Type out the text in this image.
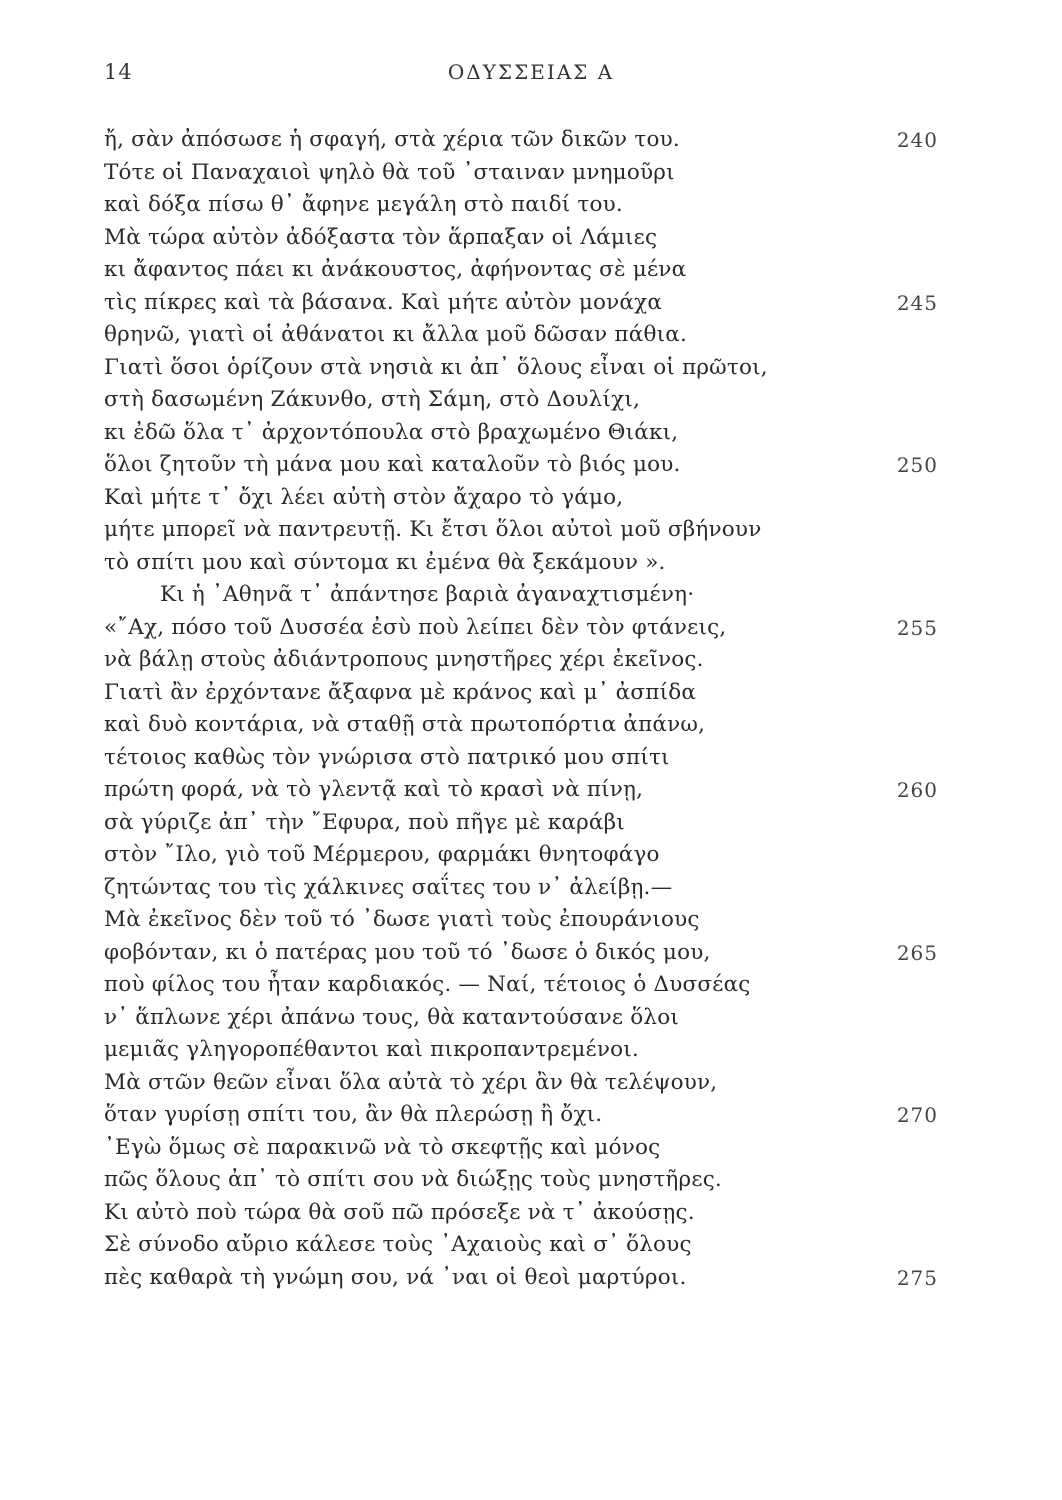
14	ΟΔΥΣΣΕΙΑΣ Α
ἤ, σὰν ἀπόσωσε ἡ σφαγή, στὰ χέρια τῶν δικῶν του.	240
Τότε οἱ Παναχαιοὶ ψηλὸ θὰ τοῦ ᾽σταιναν μνημοῦρι
καὶ δόξα πίσω θ᾽ ἄφηνε μεγάλη στὸ παιδί του.
Μὰ τώρα αὐτὸν ἀδόξαστα τὸν ἅρπαξαν οἱ Λάμιες
κι ἄφαντος πάει κι ἀνάκουστος, ἀφήνοντας σὲ μένα
τὶς πίκρες καὶ τὰ βάσανα. Καὶ μήτε αὐτὸν μονάχα	245
θρηνῶ, γιατὶ οἱ ἀθάνατοι κι ἄλλα μοῦ δῶσαν πάθια.
Γιατὶ ὅσοι ὁρίζουν στὰ νησιὰ κι ἀπ᾽ ὅλους εἶναι οἱ πρῶτοι,
στὴ δασωμένη Ζάκυνθο, στὴ Σάμη, στὸ Δουλίχι,
κι ἐδῶ ὅλα τ᾽ ἀρχοντόπουλα στὸ βραχωμένο Θιάκι,
ὅλοι ζητοῦν τὴ μάνα μου καὶ καταλοῦν τὸ βιός μου.	250
Καὶ μήτε τ᾽ ὄχι λέει αὐτὴ στὸν ἄχαρο τὸ γάμο,
μήτε μπορεῖ νὰ παντρευτῇ. Κι ἔτσι ὅλοι αὐτοὶ μοῦ σβήνουν
τὸ σπίτι μου καὶ σύντομα κι ἐμένα θὰ ξεκάμουν ».
Κι ἡ ᾽Αθηνᾶ τ᾽ ἀπάντησε βαριὰ ἀγαναχτισμένη·
«῎Αχ, πόσο τοῦ Δυσσέα ἐσὺ ποὺ λείπει δὲν τὸν φτάνεις,	255
νὰ βάλῃ στοὺς ἀδιάντροπους μνηστῆρες χέρι ἐκεῖνος.
Γιατὶ ἂν ἐρχόντανε ἄξαφνα μὲ κράνος καὶ μ᾽ ἀσπίδα
καὶ δυὸ κοντάρια, νὰ σταθῇ στὰ πρωτοπόρτια ἀπάνω,
τέτοιος καθὼς τὸν γνώρισα στὸ πατρικό μου σπίτι
πρώτη φορά, νὰ τὸ γλεντᾷ καὶ τὸ κρασὶ νὰ πίνῃ,	260
σὰ γύριζε ἀπ᾽ τὴν ῎Εφυρα, ποὺ πῆγε μὲ καράβι
στὸν ῎Ιλο, γιὸ τοῦ Μέρμερου, φαρμάκι θνητοφάγο
ζητώντας του τὶς χάλκινες σαΐτες του ν᾽ ἀλείβῃ.—
Μὰ ἐκεῖνος δὲν τοῦ τό ᾽δωσε γιατὶ τοὺς ἐπουράνιους
φοβόνταν, κι ὁ πατέρας μου τοῦ τό ᾽δωσε ὁ δικός μου,	265
ποὺ φίλος του ἦταν καρδιακός. — Ναί, τέτοιος ὁ Δυσσέας
ν᾽ ἅπλωνε χέρι ἀπάνω τους, θὰ καταντούσανε ὅλοι
μεμιᾶς γληγοροπέθαντοι καὶ πικροπαντρεμένοι.
Μὰ στῶν θεῶν εἶναι ὅλα αὐτὰ τὸ χέρι ἂν θὰ τελέψουν,
ὅταν γυρίσῃ σπίτι του, ἂν θὰ πλερώσῃ ἢ ὄχι.	270
᾽Εγὼ ὅμως σὲ παρακινῶ νὰ τὸ σκεφτῇς καὶ μόνος
πῶς ὅλους ἀπ᾽ τὸ σπίτι σου νὰ διώξῃς τοὺς μνηστῆρες.
Κι αὐτὸ ποὺ τώρα θὰ σοῦ πῶ πρόσεξε νὰ τ᾽ ἀκούσῃς.
Σὲ σύνοδο αὔριο κάλεσε τοὺς ᾽Αχαιοὺς καὶ σ᾽ ὅλους
πὲς καθαρὰ τὴ γνώμη σου, νά ᾽ναι οἱ θεοὶ μαρτύροι.	275
